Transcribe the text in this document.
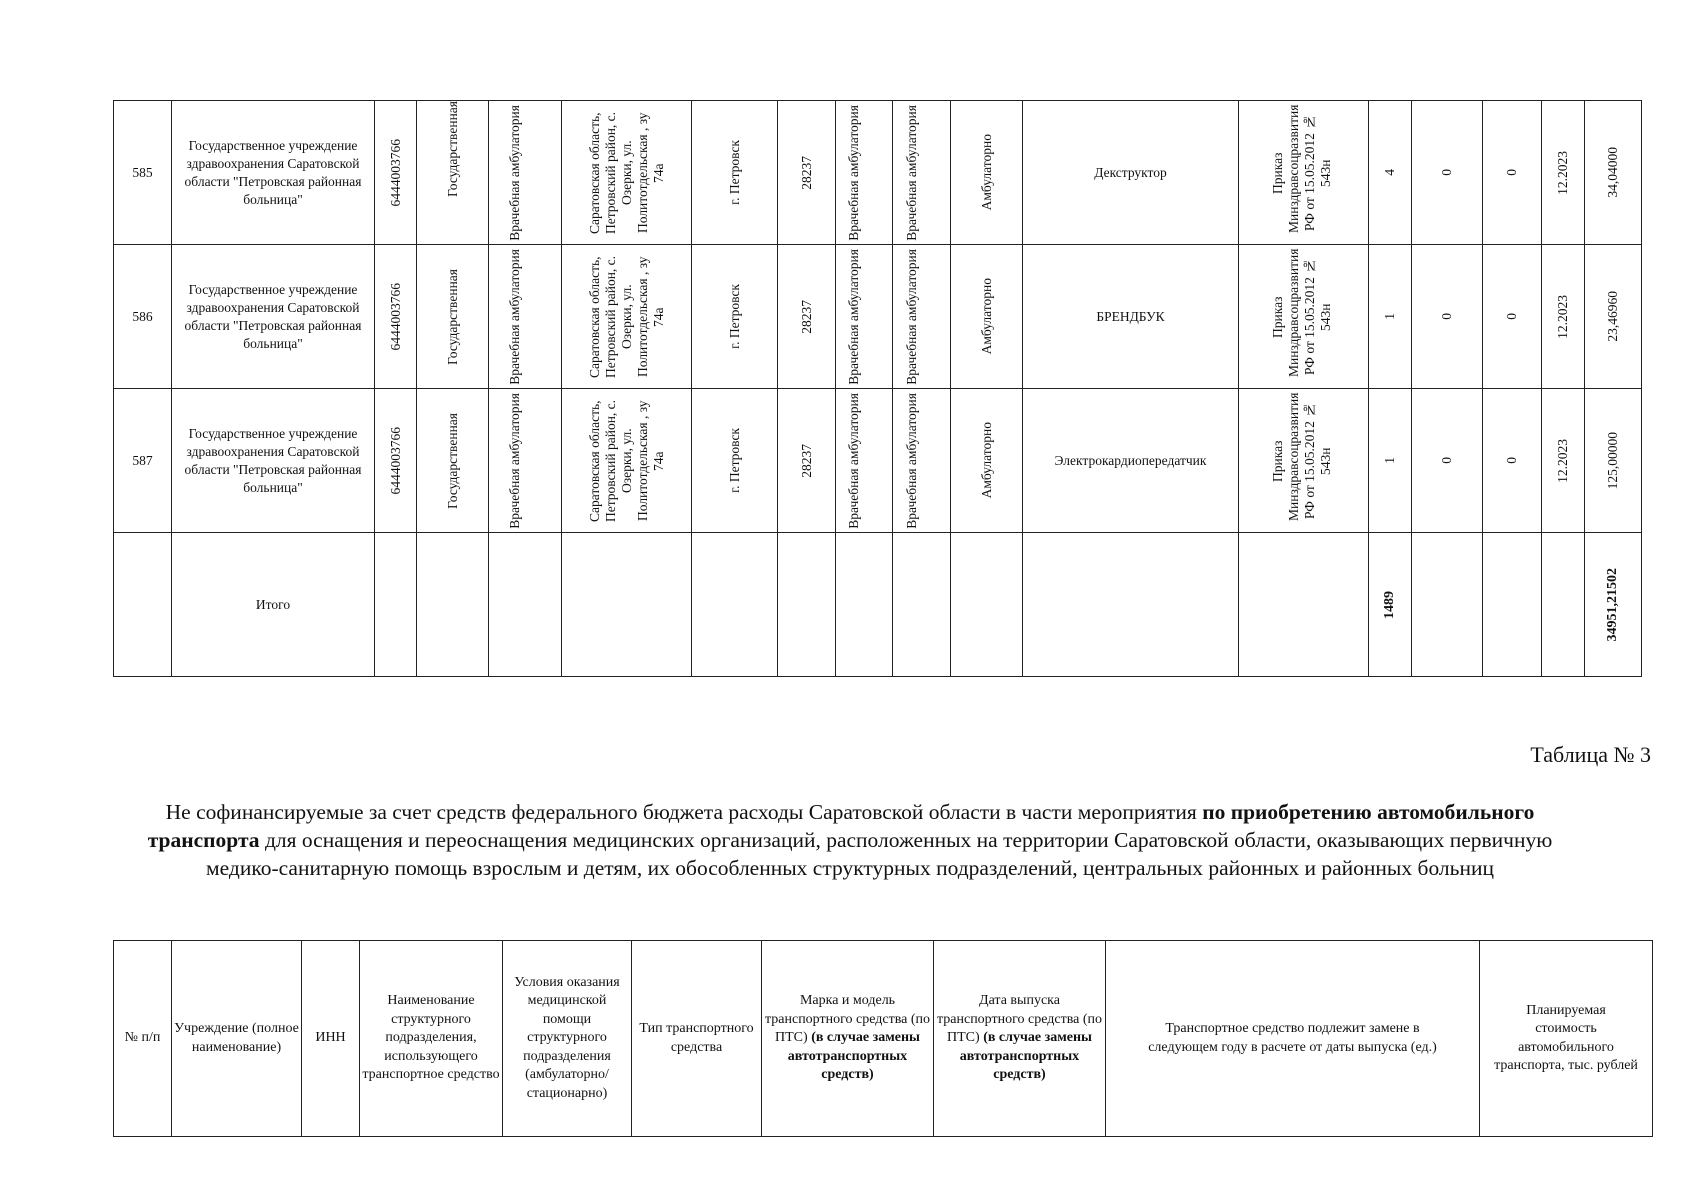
585	Государственное учреждение здравоохранения Саратовской области "Петровская районная больница"	6444003766	Государственная	Врачебная амбулатория	Саратовская область, Петровский район, с. Озерки, ул. Политотдельская , зу 74а	г. Петровск	28237	Врачебная амбулатория	Врачебная амбулатория	Амбулаторно	Декструктор	Приказ Минздравсоцразвития РФ от 15.05.2012 № 543н	4	0	0	12.2023	34,04000

586	Государственное учреждение здравоохранения Саратовской области "Петровская районная больница"	6444003766	Государственная	Врачебная амбулатория	Саратовская область, Петровский район, с. Озерки, ул. Политотдельская , зу 74а	г. Петровск	28237	Врачебная амбулатория	Врачебная амбулатория	Амбулаторно	БРЕНДБУК	Приказ Минздравсоцразвития РФ от 15.05.2012 № 543н	1	0	0	12.2023	23,46960

587	Государственное учреждение здравоохранения Саратовской области "Петровская районная больница"	6444003766	Государственная	Врачебная амбулатория	Саратовская область, Петровский район, с. Озерки, ул. Политотдельская , зу 74а	г. Петровск	28237	Врачебная амбулатория	Врачебная амбулатория	Амбулаторно	Электрокардиопередатчик	Приказ Минздравсоцразвития РФ от 15.05.2012 № 543н	1	0	0	12.2023	125,00000

	Итого												1489				34951,21502
Таблица № 3
Не софинансируемые за счет средств федерального бюджета расходы Саратовской области в части мероприятия по приобретению автомобильного транспорта для оснащения и переоснащения медицинских организаций, расположенных на территории Саратовской области, оказывающих первичную медико-санитарную помощь взрослым и детям, их обособленных структурных подразделений, центральных районных и районных больниц
№ п/п	Учреждение (полное наименование)	ИНН	Наименование структурного подразделения, использующего транспортное средство	Условия оказания медицинской помощи структурного подразделения (амбулаторно/ стационарно)	Тип транспортного средства	Марка и модель транспортного средства (по ПТС) (в случае замены автотранспортных средств)	Дата выпуска транспортного средства (по ПТС) (в случае замены автотранспортных средств)	Транспортное средство подлежит замене в следующем году в расчете от даты выпуска (ед.)	Планируемая стоимость автомобильного транспорта, тыс. рублей
